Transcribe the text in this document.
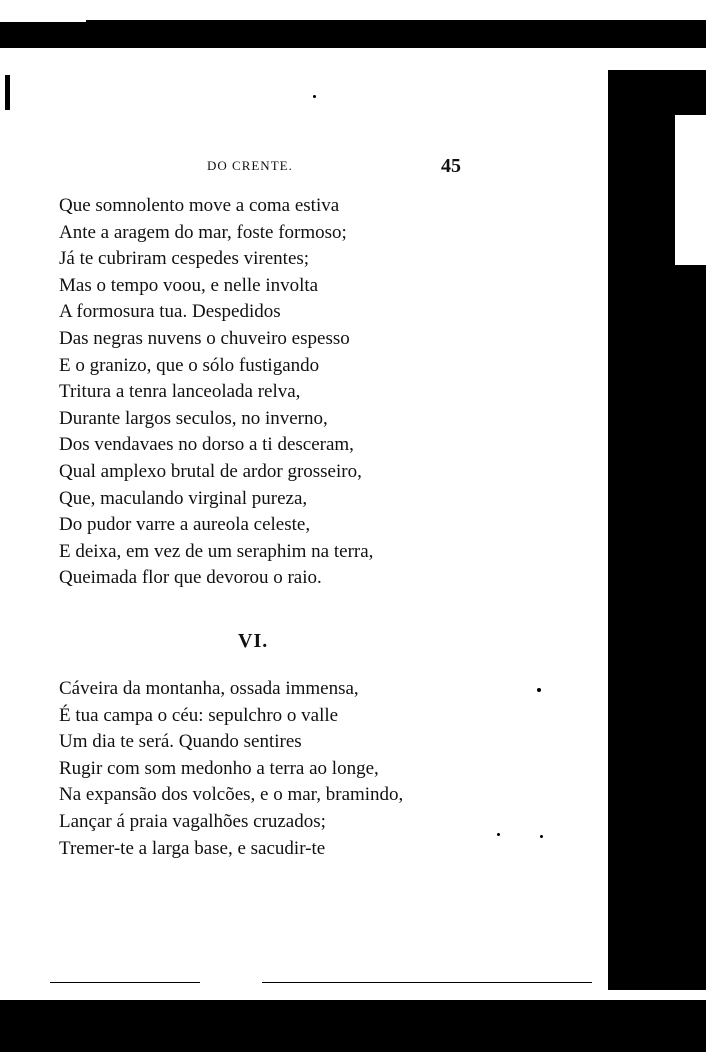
DO CRENTE.	45
Que somnolento move a coma estiva
Ante a aragem do mar, foste formoso;
Já te cubriram cespedes virentes;
Mas o tempo voou, e nelle involta
A formosura tua. Despedidos
Das negras nuvens o chuveiro espesso
E o granizo, que o sólo fustigando
Tritura a tenra lanceolada relva,
Durante largos seculos, no inverno,
Dos vendavaes no dorso a ti desceram,
Qual amplexo brutal de ardor grosseiro,
Que, maculando virginal pureza,
Do pudor varre a aureola celeste,
E deixa, em vez de um seraphim na terra,
Queimada flor que devorou o raio.
VI.
Cáveira da montanha, ossada immensa,
É tua campa o céu: sepulchro o valle
Um dia te será. Quando sentires
Rugir com som medonho a terra ao longe,
Na expansão dos volcões, e o mar, bramindo,
Lançar á praia vagalhões cruzados;
Tremer-te a larga base, e sacudir-te
